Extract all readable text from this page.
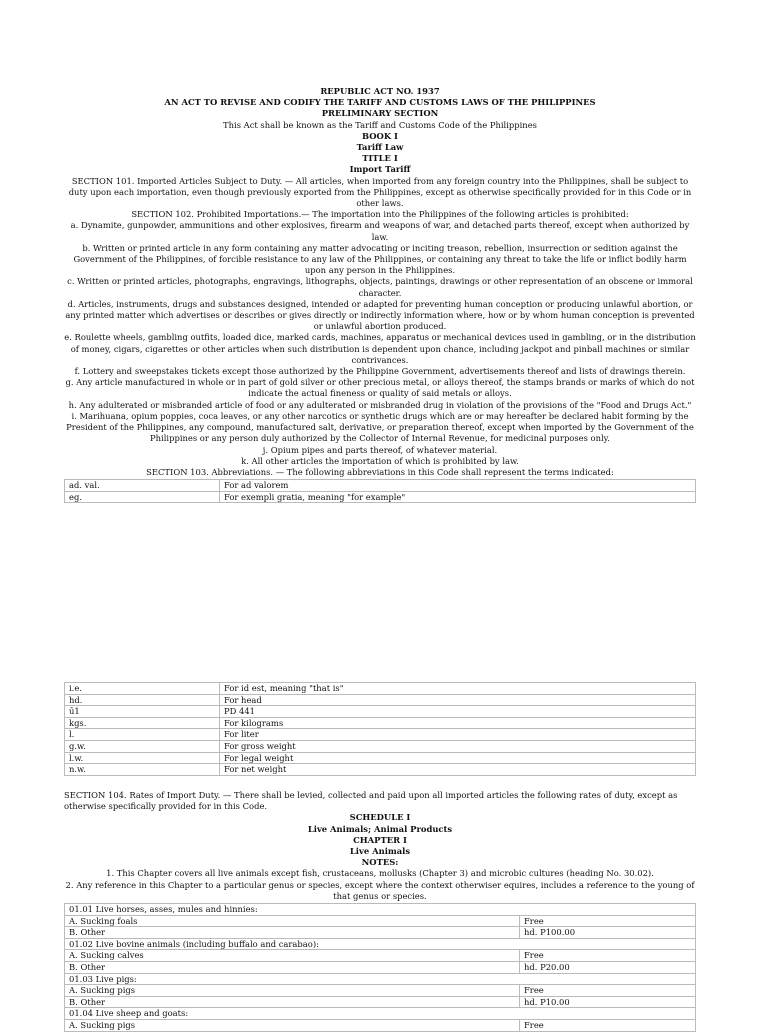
REPUBLIC ACT NO. 1937

AN ACT TO REVISE AND CODIFY THE TARIFF AND CUSTOMS LAWS OF THE PHILIPPINES

PRELIMINARY SECTION

This Act shall be known as the Tariff and Customs Code of the Philippines

BOOK I

Tariff Law

TITLE I

Import Tariff

SECTION 101. Imported Articles Subject to Duty. — All articles, when imported from any foreign country into the Philippines, shall be subject to duty upon each importation, even though previously exported from the Philippines, except as otherwise specifically provided for in this Code or in other laws.

SECTION 102. Prohibited Importations.— The importation into the Philippines of the following articles is prohibited:

a. Dynamite, gunpowder, ammunitions and other explosives, firearm and weapons of war, and detached parts thereof, except when authorized by law.

b. Written or printed article in any form containing any matter advocating or inciting treason, rebellion, insurrection or sedition against the Government of the Philippines, of forcible resistance to any law of the Philippines, or containing any threat to take the life or inflict bodily harm upon any person in the Philippines.

c. Written or printed articles, photographs, engravings, lithographs, objects, paintings, drawings or other representation of an obscene or immoral character.

d. Articles, instruments, drugs and substances designed, intended or adapted for preventing human conception or producing unlawful abortion, or any printed matter which advertises or describes or gives directly or indirectly information where, how or by whom human conception is prevented or unlawful abortion produced.

e. Roulette wheels, gambling outfits, loaded dice, marked cards, machines, apparatus or mechanical devices used in gambling, or in the distribution of money, cigars, cigarettes or other articles when such distribution is dependent upon chance, including jackpot and pinball machines or similar contrivances.

f. Lottery and sweepstakes tickets except those authorized by the Philippine Government, advertisements thereof and lists of drawings therein.

g. Any article manufactured in whole or in part of gold silver or other precious metal, or alloys thereof, the stamps brands or marks of which do not indicate the actual fineness or quality of said metals or alloys.

h. Any adulterated or misbranded article of food or any adulterated or misbranded drug in violation of the provisions of the "Food and Drugs Act."

i. Marihuana, opium poppies, coca leaves, or any other narcotics or synthetic drugs which are or may hereafter be declared habit forming by the President of the Philippines, any compound, manufactured salt, derivative, or preparation thereof, except when imported by the Government of the Philippines or any person duly authorized by the Collector of Internal Revenue, for medicinal purposes only.

j. Opium pipes and parts thereof, of whatever material.

k. All other articles the importation of which is prohibited by law.

SECTION 103. Abbreviations. — The following abbreviations in this Code shall represent the terms indicated:

ad. val.	For ad valorem
eg.	For exempli gratia, meaning "for example"
i.e.	For id est, meaning "that is"
hd.	For head
ū1	PD 441
kgs.	For kilograms
l.	For liter
g.w.	For gross weight
l.w.	For legal weight
n.w.	For net weight

SECTION 104. Rates of Import Duty. — There shall be levied, collected and paid upon all imported articles the following rates of duty, except as otherwise specifically provided for in this Code.

SCHEDULE I

Live Animals; Animal Products

CHAPTER I

Live Animals

NOTES:

1. This Chapter covers all live animals except fish, crustaceans, mollusks (Chapter 3) and microbic cultures (heading No. 30.02).

2. Any reference in this Chapter to a particular genus or species, except where the context otherwiser equires, includes a reference to the young of that genus or species.

01.01 Live horses, asses, mules and hinnies:	
A. Sucking foals	Free
B. Other	hd. P100.00
01.02 Live bovine animals (including buffalo and carabao):	
A. Sucking calves	Free
B. Other	hd. P20.00
01.03 Live pigs:	
A. Sucking pigs	Free
B. Other	hd. P10.00
01.04 Live sheep and goats:	
A. Sucking pigs	Free
